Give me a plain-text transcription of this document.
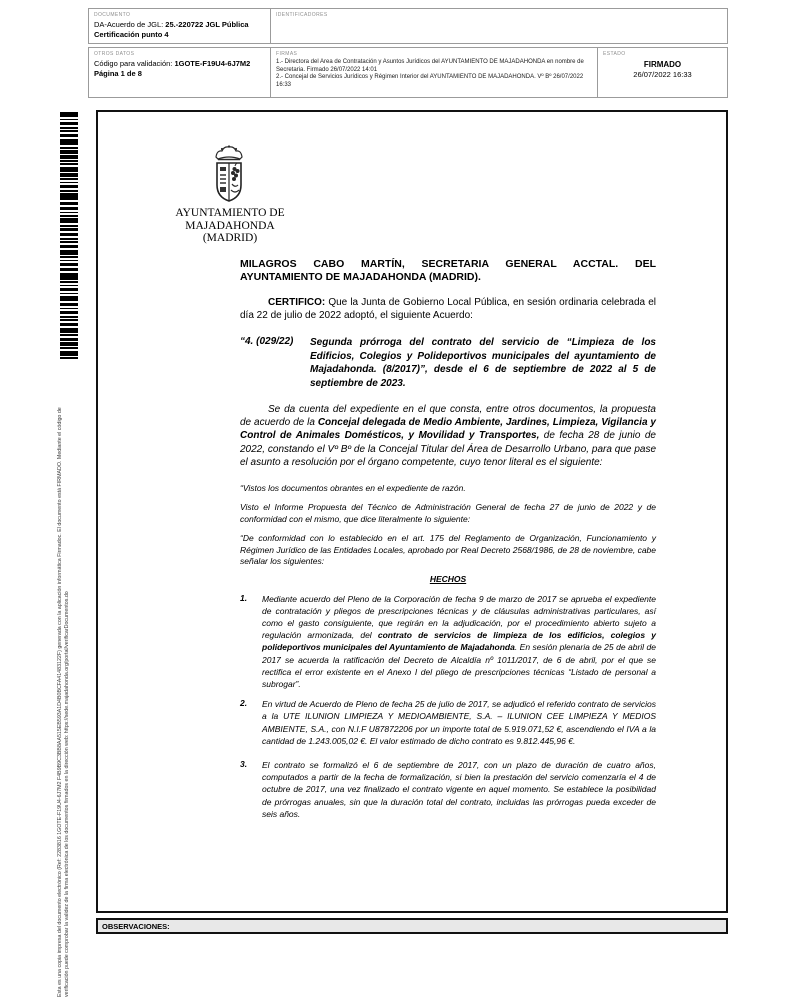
DOCUMENTO
DA-Acuerdo de JGL: 25.-220722 JGL Pública
Certificación punto 4
IDENTIFICADORES
OTROS DATOS
Código para validación: 1GOTE-F19U4-6J7M2
Página 1 de 8
FIRMAS
1.- Directora del Area de Contratación y Asuntos Jurídicos del AYUNTAMIENTO DE MAJADAHONDA en nombre de Secretaria. Firmado 26/07/2022 14:01
2.- Concejal de Servicios Jurídicos y Régimen Interior del AYUNTAMIENTO DE MAJADAHONDA. Vº Bº 26/07/2022 16:33
ESTADO
FIRMADO
26/07/2022 16:33
Esta es una copia impresa del documento electrónico (Ref: 2283816 1GOTE-F19U4-6J7M2 F4B9B9C3BB8AA515EB593A1D4B0BCFA41483122F) generada con la aplicación informática Firmadoc. El documento está FIRMADO. Mediante el código de verificación puede comprobar la validez de la firma electrónica de los documentos firmados en la dirección web: https://sede.majadahonda.org/portal/verificarDocumentos.do
AYUNTAMIENTO DE
MAJADAHONDA
(MADRID)
MILAGROS CABO MARTÍN, SECRETARIA GENERAL ACCTAL. DEL AYUNTAMIENTO DE MAJADAHONDA (MADRID).

CERTIFICO: Que la Junta de Gobierno Local Pública, en sesión ordinaria celebrada el día 22 de julio de 2022 adoptó, el siguiente Acuerdo:

“4. (029/22)	Segunda prórroga del contrato del servicio de “Limpieza de los Edificios, Colegios y Polideportivos municipales del ayuntamiento de Majadahonda. (8/2017)”, desde el 6 de septiembre de 2022 al 5 de septiembre de 2023.

Se da cuenta del expediente en el que consta, entre otros documentos, la propuesta de acuerdo de la Concejal delegada de Medio Ambiente, Jardines, Limpieza, Vigilancia y Control de Animales Domésticos, y Movilidad y Transportes, de fecha 28 de junio de 2022, constando el Vº Bº de la Concejal Titular del Área de Desarrollo Urbano, para que pase el asunto a resolución por el órgano competente, cuyo tenor literal es el siguiente:

“Vistos los documentos obrantes en el expediente de razón.

Visto el Informe Propuesta del Técnico de Administración General de fecha 27 de junio de 2022 y de conformidad con el mismo, que dice literalmente lo siguiente:

“De conformidad con lo establecido en el art. 175 del Reglamento de Organización, Funcionamiento y Régimen Jurídico de las Entidades Locales, aprobado por Real Decreto 2568/1986, de 28 de noviembre, cabe señalar los siguientes:

HECHOS
1.	Mediante acuerdo del Pleno de la Corporación de fecha 9 de marzo de 2017 se aprueba el expediente de contratación y pliegos de prescripciones técnicas y de cláusulas administrativas particulares, así como el gasto consiguiente, que regirán en la adjudicación, por el procedimiento abierto sujeto a regulación armonizada, del contrato de servicios de limpieza de los edificios, colegios y polideportivos municipales del Ayuntamiento de Majadahonda. En sesión plenaria de 25 de abril de 2017 se acuerda la ratificación del Decreto de Alcaldía nº 1011/2017, de 6 de abril, por el que se rectifica el error existente en el Anexo I del pliego de prescripciones técnicas “Listado de personal a subrogar”.
2.	En virtud de Acuerdo de Pleno de fecha 25 de julio de 2017, se adjudicó el referido contrato de servicios a la UTE ILUNION LIMPIEZA Y MEDIOAMBIENTE, S.A. – ILUNION CEE LIMPIEZA Y MEDIOS AMBIENTE, S.A., con N.I.F U87872206 por un importe total de 5.919.071,52 €, ascendiendo el IVA a la cantidad de 1.243.005,02 €. El valor estimado de dicho contrato es 9.812.445,96 €.
3.	El contrato se formalizó el 6 de septiembre de 2017, con un plazo de duración de cuatro años, computados a partir de la fecha de formalización, si bien la prestación del servicio comenzaría el 4 de octubre de 2017, una vez finalizado el contrato vigente en aquel momento. Se establece la posibilidad de prórrogas anuales, sin que la duración total del contrato, incluidas las prórrogas pueda exceder de seis años.
OBSERVACIONES:
